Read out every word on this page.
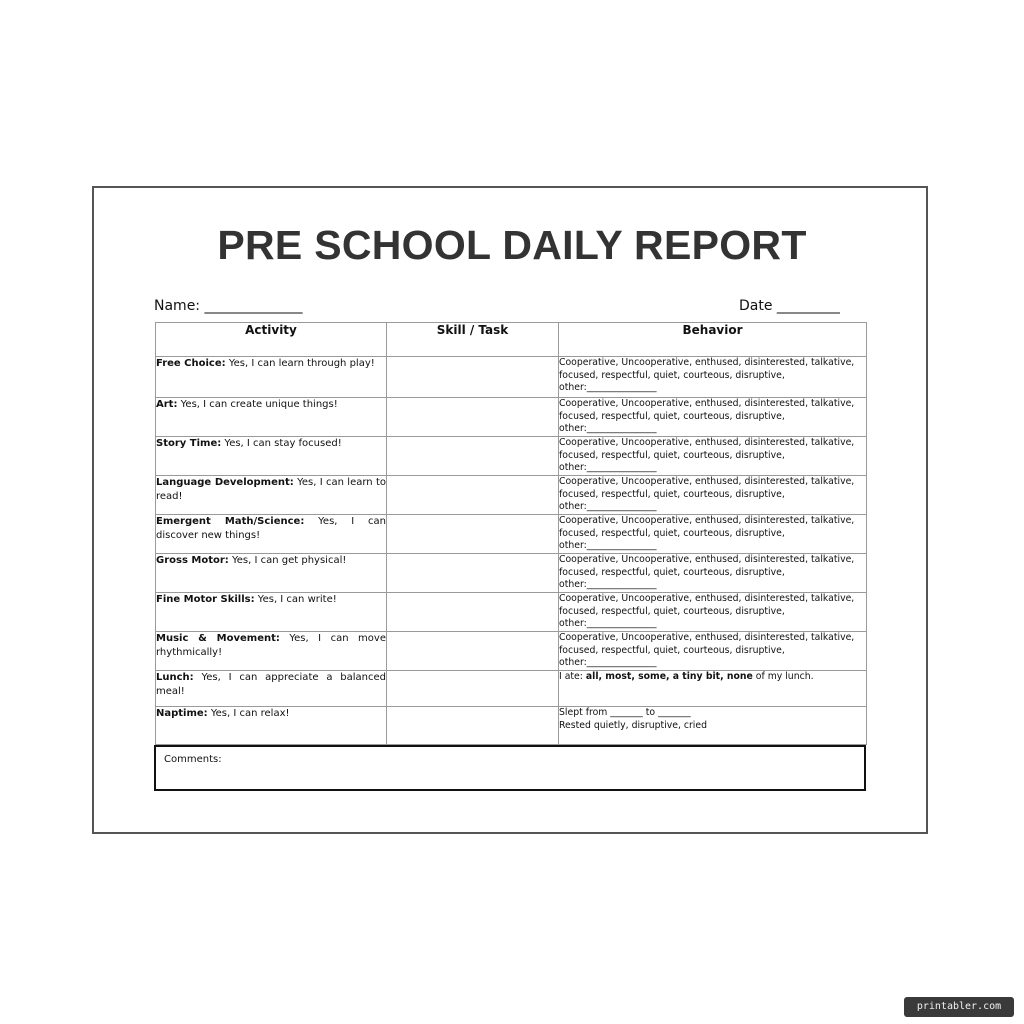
PRE SCHOOL DAILY REPORT
Name: ______________	Date _________
Activity	Skill / Task	Behavior
Free Choice: Yes, I can learn through play!		Cooperative, Uncooperative, enthused, disinterested, talkative,
focused, respectful, quiet, courteous, disruptive,
other:_______________

Art: Yes, I can create unique things!		Cooperative, Uncooperative, enthused, disinterested, talkative,
focused, respectful, quiet, courteous, disruptive,
other:_______________

Story Time: Yes, I can stay focused!		Cooperative, Uncooperative, enthused, disinterested, talkative,
focused, respectful, quiet, courteous, disruptive,
other:_______________

Language Development: Yes, I can learn to read!		Cooperative, Uncooperative, enthused, disinterested, talkative,
focused, respectful, quiet, courteous, disruptive,
other:_______________

Emergent Math/Science: Yes, I can discover new things!		Cooperative, Uncooperative, enthused, disinterested, talkative,
focused, respectful, quiet, courteous, disruptive,
other:_______________

Gross Motor: Yes, I can get physical!		Cooperative, Uncooperative, enthused, disinterested, talkative,
focused, respectful, quiet, courteous, disruptive,
other:_______________

Fine Motor Skills: Yes, I can write!		Cooperative, Uncooperative, enthused, disinterested, talkative,
focused, respectful, quiet, courteous, disruptive,
other:_______________

Music & Movement: Yes, I can move rhythmically!		Cooperative, Uncooperative, enthused, disinterested, talkative,
focused, respectful, quiet, courteous, disruptive,
other:_______________

Lunch: Yes, I can appreciate a balanced meal!		I ate: all, most, some, a tiny bit, none of my lunch.
Naptime: Yes, I can relax!		Slept from _______ to _______
Rested quietly, disruptive, cried
Comments:
printabler.com
